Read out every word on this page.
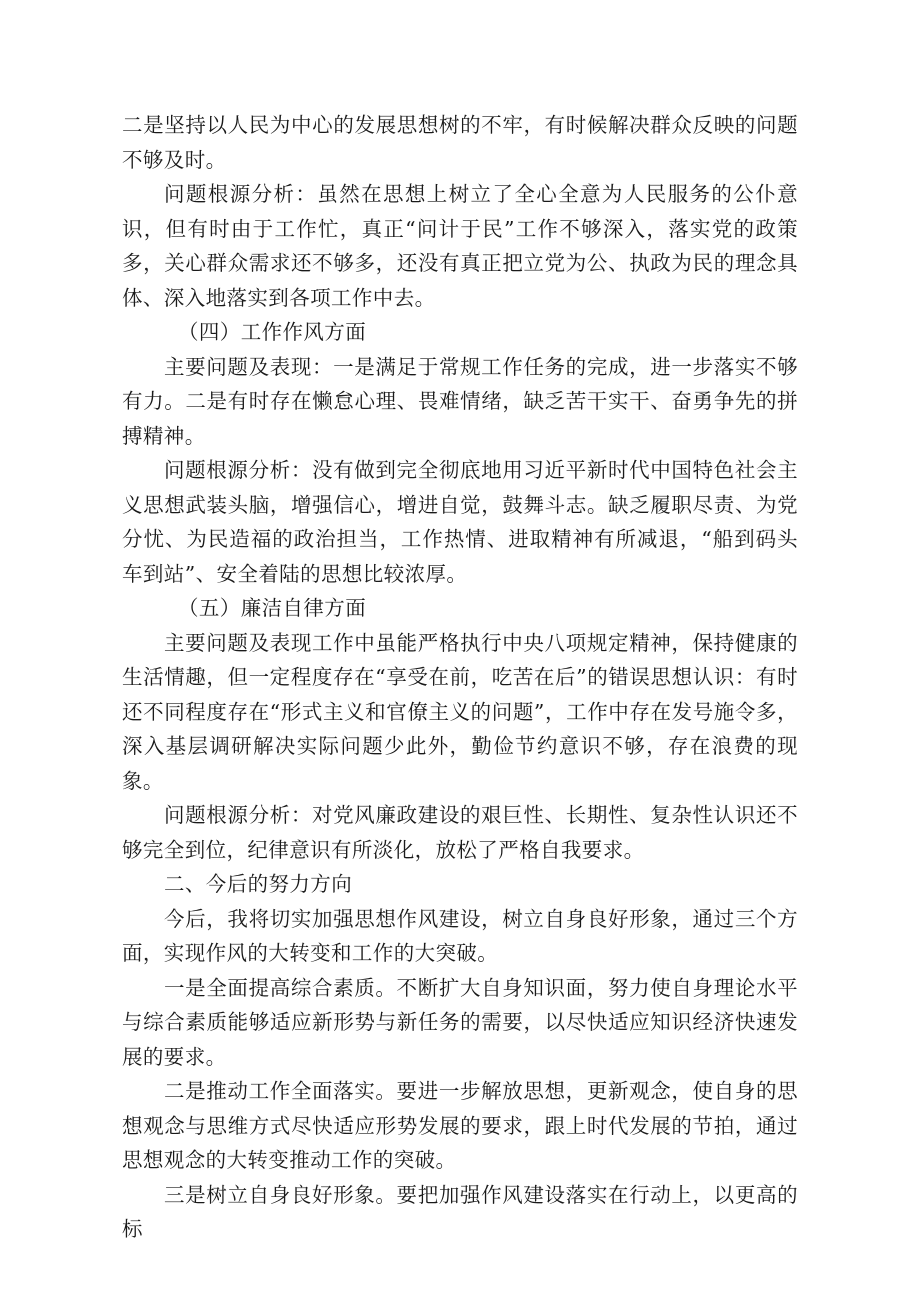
二是坚持以人民为中心的发展思想树的不牢，有时候解决群众反映的问题不够及时。

问题根源分析：虽然在思想上树立了全心全意为人民服务的公仆意识，但有时由于工作忙，真正“问计于民”工作不够深入，落实党的政策多，关心群众需求还不够多，还没有真正把立党为公、执政为民的理念具体、深入地落实到各项工作中去。

（四）工作作风方面

主要问题及表现：一是满足于常规工作任务的完成，进一步落实不够有力。二是有时存在懒怠心理、畏难情绪，缺乏苦干实干、奋勇争先的拼搏精神。

问题根源分析：没有做到完全彻底地用习近平新时代中国特色社会主义思想武装头脑，增强信心，增进自觉，鼓舞斗志。缺乏履职尽责、为党分忧、为民造福的政治担当，工作热情、进取精神有所减退，“船到码头车到站”、安全着陆的思想比较浓厚。

（五）廉洁自律方面

主要问题及表现工作中虽能严格执行中央八项规定精神，保持健康的生活情趣，但一定程度存在“享受在前，吃苦在后”的错误思想认识：有时还不同程度存在“形式主义和官僚主义的问题”，工作中存在发号施令多，深入基层调研解决实际问题少此外，勤俭节约意识不够，存在浪费的现象。

问题根源分析：对党风廉政建设的艰巨性、长期性、复杂性认识还不够完全到位，纪律意识有所淡化，放松了严格自我要求。

二、今后的努力方向

今后，我将切实加强思想作风建设，树立自身良好形象，通过三个方面，实现作风的大转变和工作的大突破。

一是全面提高综合素质。不断扩大自身知识面，努力使自身理论水平与综合素质能够适应新形势与新任务的需要，以尽快适应知识经济快速发展的要求。

二是推动工作全面落实。要进一步解放思想，更新观念，使自身的思想观念与思维方式尽快适应形势发展的要求，跟上时代发展的节拍，通过思想观念的大转变推动工作的突破。

三是树立自身良好形象。要把加强作风建设落实在行动上，以更高的标
